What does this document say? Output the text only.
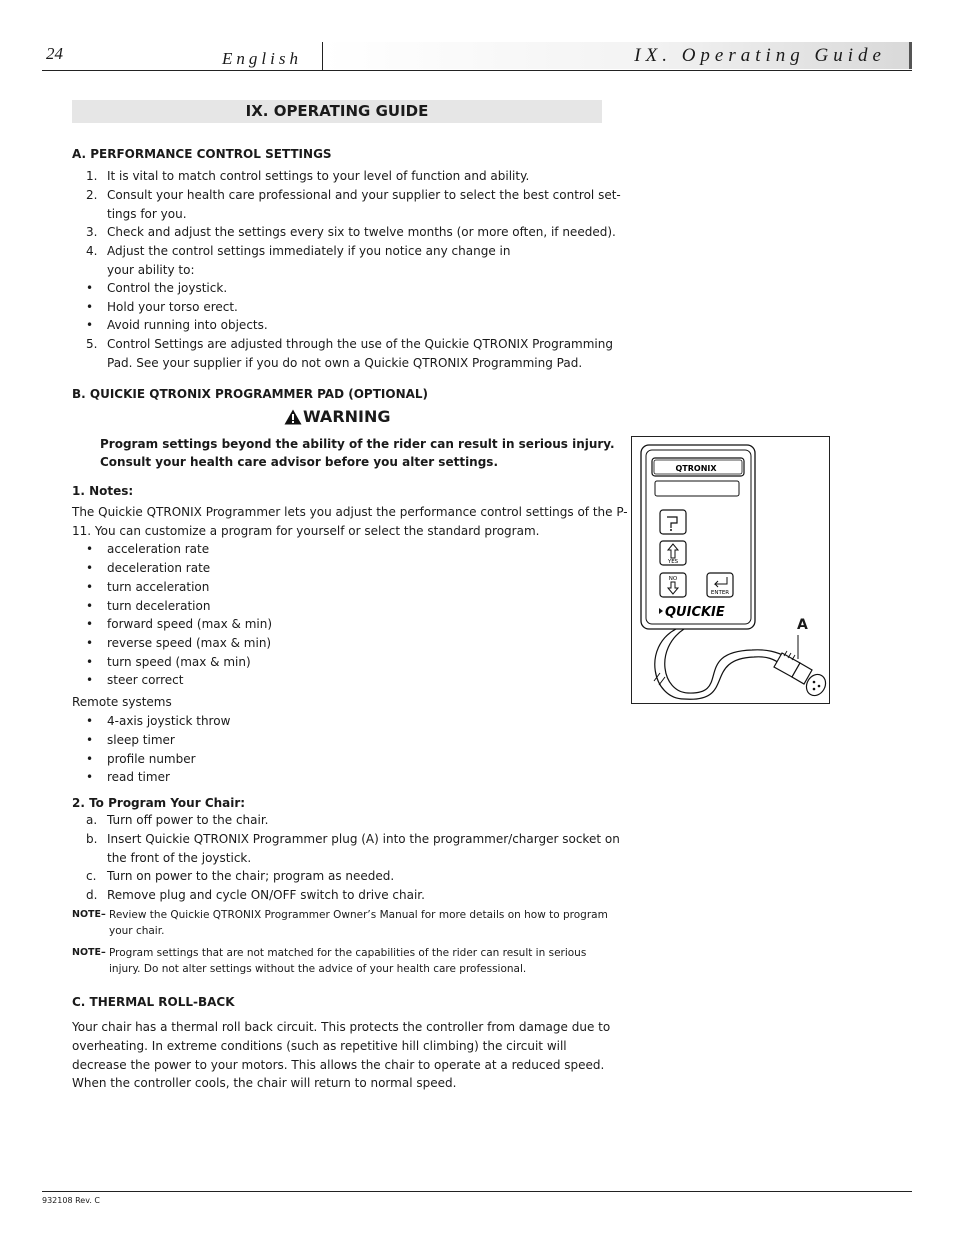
24	English	IX. Operating Guide
IX. OPERATING GUIDE
A. PERFORMANCE CONTROL SETTINGS
1. It is vital to match control settings to your level of function and ability.
2. Consult your health care professional and your supplier to select the best control set-
tings for you.
3. Check and adjust the settings every six to twelve months (or more often, if needed).
4. Adjust the control settings immediately if you notice any change in
your ability to:
• Control the joystick.
• Hold your torso erect.
• Avoid running into objects.
5. Control Settings are adjusted through the use of the Quickie QTRONIX Programming
Pad. See your supplier if you do not own a Quickie QTRONIX Programming Pad.
B. QUICKIE QTRONIX PROGRAMMER PAD (OPTIONAL)
WARNING
Program settings beyond the ability of the rider can result in serious injury.
Consult your health care advisor before you alter settings.
1. Notes:
The Quickie QTRONIX Programmer lets you adjust the performance control settings of the P-
11. You can customize a program for yourself or select the standard program.
• acceleration rate
• deceleration rate
• turn acceleration
• turn deceleration
• forward speed (max & min)
• reverse speed (max & min)
• turn speed (max & min)
• steer correct
Remote systems
• 4-axis joystick throw
• sleep timer
• profile number
• read timer
2. To Program Your Chair:
a. Turn off power to the chair.
b. Insert Quickie QTRONIX Programmer plug (A) into the programmer/charger socket on
the front of the joystick.
c. Turn on power to the chair; program as needed.
d. Remove plug and cycle ON/OFF switch to drive chair.
NOTE– Review the Quickie QTRONIX Programmer Owner’s Manual for more details on how to program
your chair.
NOTE– Program settings that are not matched for the capabilities of the rider can result in serious
injury. Do not alter settings without the advice of your health care professional.
C. THERMAL ROLL-BACK
Your chair has a thermal roll back circuit. This protects the controller from damage due to
overheating. In extreme conditions (such as repetitive hill climbing) the circuit will
decrease the power to your motors. This allows the chair to operate at a reduced speed.
When the controller cools, the chair will return to normal speed.
QTRONIX
YES
NO
ENTER
QUICKIE
A
932108 Rev. C
